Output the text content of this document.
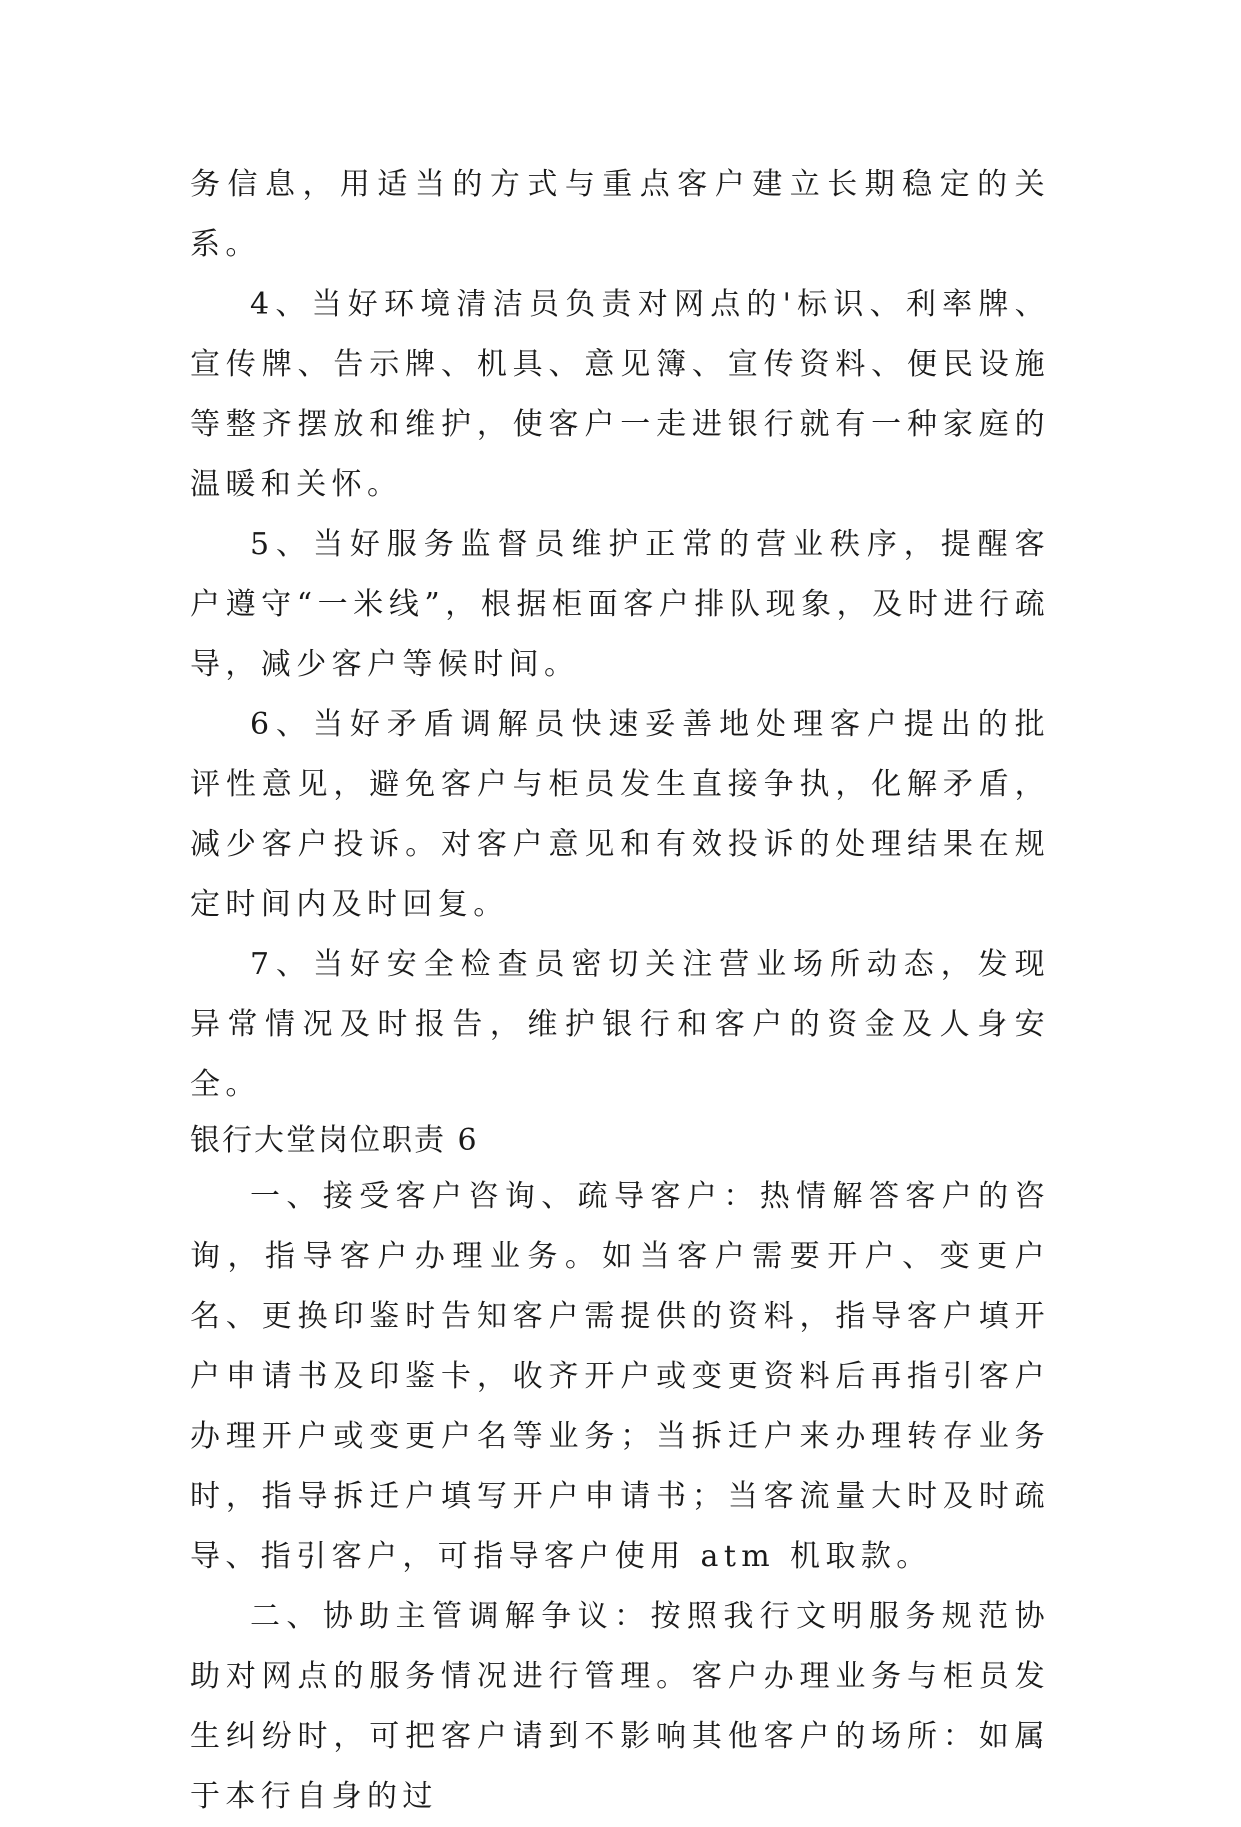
务信息，用适当的方式与重点客户建立长期稳定的关系。

4、当好环境清洁员负责对网点的'标识、利率牌、宣传牌、告示牌、机具、意见簿、宣传资料、便民设施等整齐摆放和维护，使客户一走进银行就有一种家庭的温暖和关怀。

5、当好服务监督员维护正常的营业秩序，提醒客户遵守“一米线”，根据柜面客户排队现象，及时进行疏导，减少客户等候时间。

6、当好矛盾调解员快速妥善地处理客户提出的批评性意见，避免客户与柜员发生直接争执，化解矛盾，减少客户投诉。对客户意见和有效投诉的处理结果在规定时间内及时回复。

7、当好安全检查员密切关注营业场所动态，发现异常情况及时报告，维护银行和客户的资金及人身安全。

银行大堂岗位职责 6

一、接受客户咨询、疏导客户：热情解答客户的咨询，指导客户办理业务。如当客户需要开户、变更户名、更换印鉴时告知客户需提供的资料，指导客户填开户申请书及印鉴卡，收齐开户或变更资料后再指引客户办理开户或变更户名等业务；当拆迁户来办理转存业务时，指导拆迁户填写开户申请书；当客流量大时及时疏导、指引客户，可指导客户使用 atm 机取款。

二、协助主管调解争议：按照我行文明服务规范协助对网点的服务情况进行管理。客户办理业务与柜员发生纠纷时，可把客户请到不影响其他客户的场所：如属于本行自身的过
